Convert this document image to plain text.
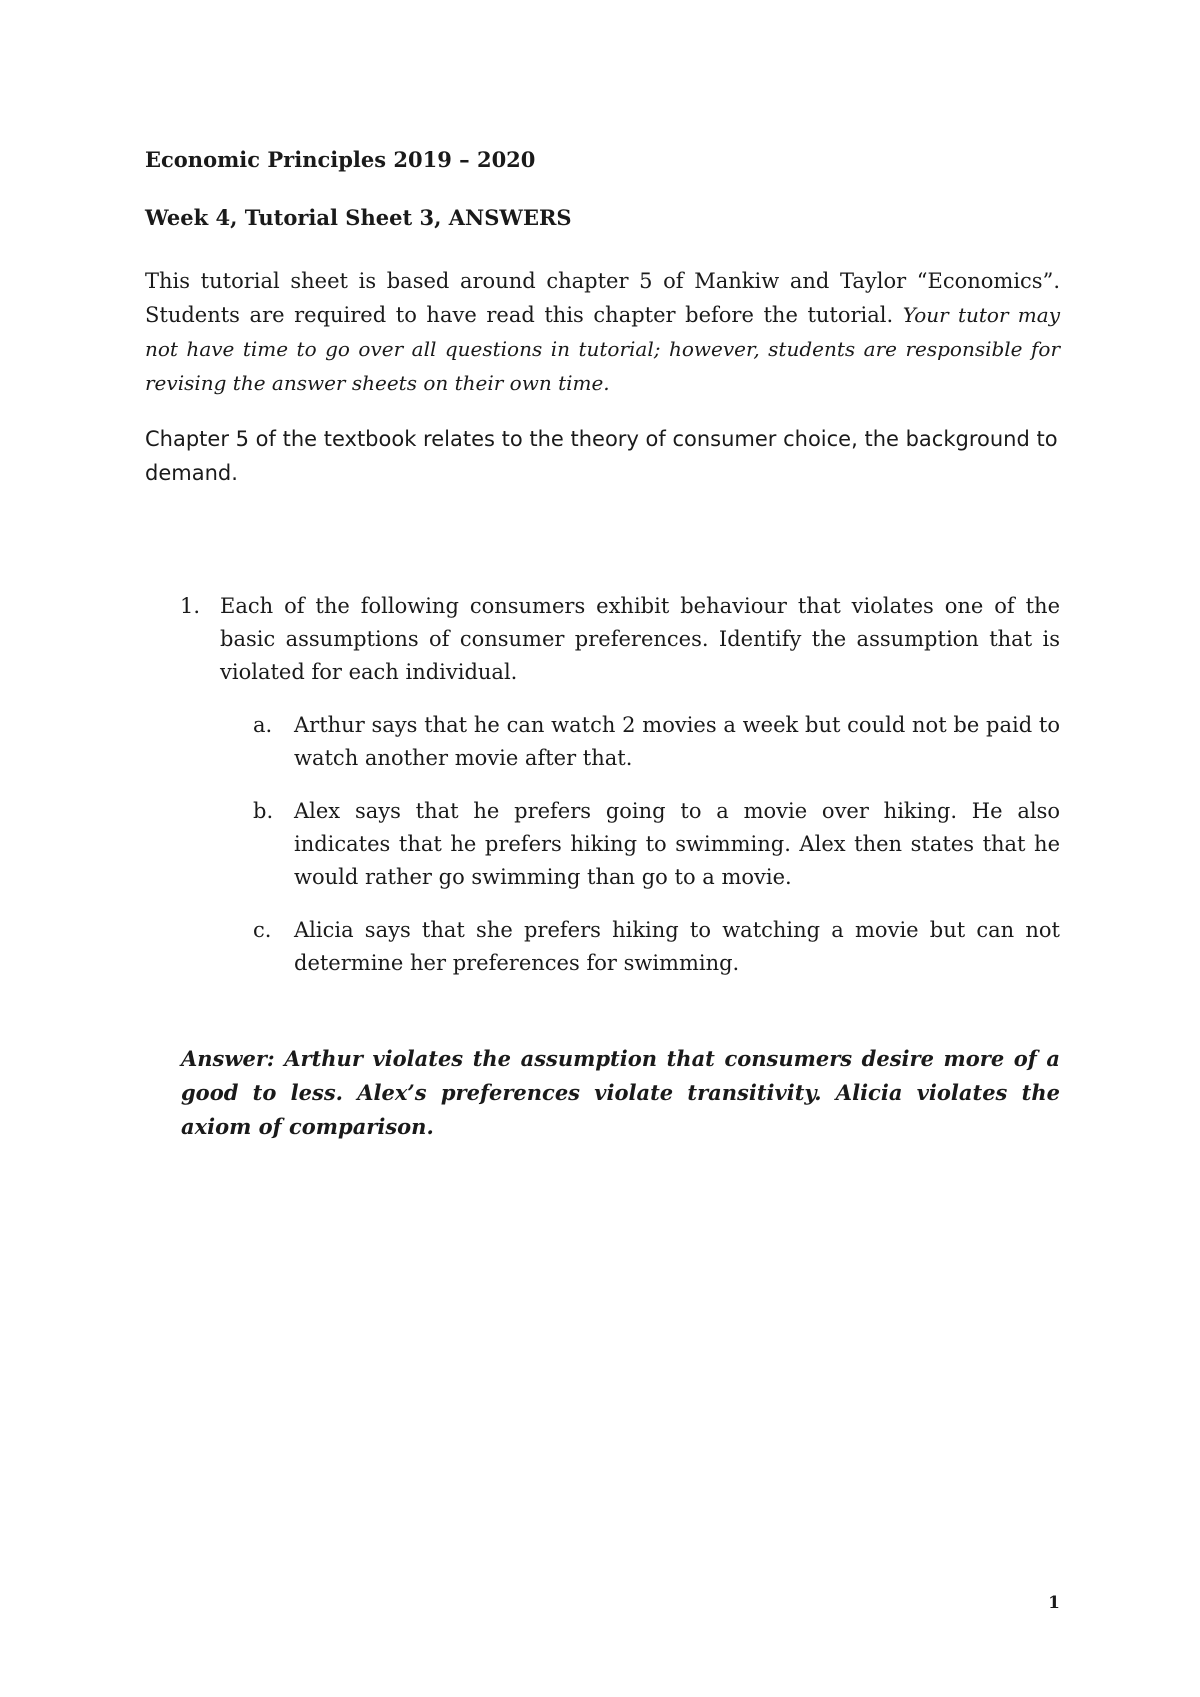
Economic Principles 2019 – 2020

Week 4, Tutorial Sheet 3, ANSWERS

This tutorial sheet is based around chapter 5 of Mankiw and Taylor “Economics”. Students are required to have read this chapter before the tutorial. Your tutor may not have time to go over all questions in tutorial; however, students are responsible for revising the answer sheets on their own time.

Chapter 5 of the textbook relates to the theory of consumer choice, the background to demand.

1. Each of the following consumers exhibit behaviour that violates one of the basic assumptions of consumer preferences. Identify the assumption that is violated for each individual.
a. Arthur says that he can watch 2 movies a week but could not be paid to watch another movie after that.
b. Alex says that he prefers going to a movie over hiking. He also indicates that he prefers hiking to swimming. Alex then states that he would rather go swimming than go to a movie.
c. Alicia says that she prefers hiking to watching a movie but can not determine her preferences for swimming.

Answer: Arthur violates the assumption that consumers desire more of a good to less. Alex’s preferences violate transitivity. Alicia violates the axiom of comparison.

1
